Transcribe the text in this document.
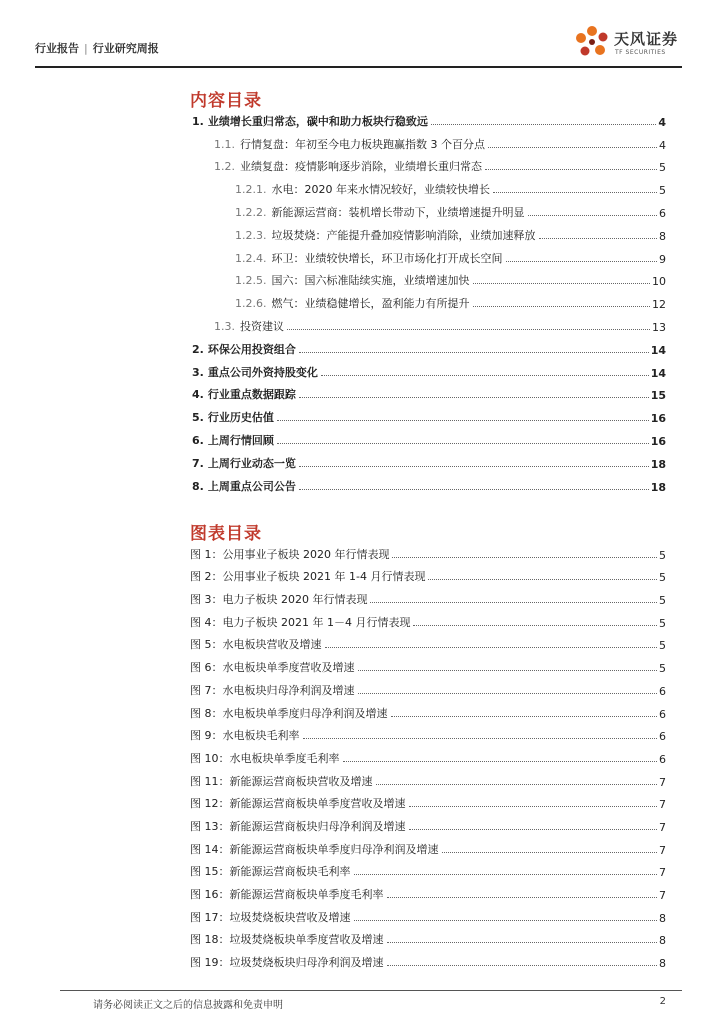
行业报告 | 行业研究周报
天风证券
TF SECURITIES
内容目录
1. 业绩增长重归常态，碳中和助力板块行稳致远	4
1.1. 行情复盘：年初至今电力板块跑赢指数 3 个百分点	4
1.2. 业绩复盘：疫情影响逐步消除，业绩增长重归常态	5
1.2.1. 水电：2020 年来水情况较好，业绩较快增长	5
1.2.2. 新能源运营商：装机增长带动下，业绩增速提升明显	6
1.2.3. 垃圾焚烧：产能提升叠加疫情影响消除，业绩加速释放	8
1.2.4. 环卫：业绩较快增长，环卫市场化打开成长空间	9
1.2.5. 国六：国六标准陆续实施，业绩增速加快	10
1.2.6. 燃气：业绩稳健增长，盈利能力有所提升	12
1.3. 投资建议	13
2. 环保公用投资组合	14
3. 重点公司外资持股变化	14
4. 行业重点数据跟踪	15
5. 行业历史估值	16
6. 上周行情回顾	16
7. 上周行业动态一览	18
8. 上周重点公司公告	18
图表目录
图 1：公用事业子板块 2020 年行情表现	5
图 2：公用事业子板块 2021 年 1-4 月行情表现	5
图 3：电力子板块 2020 年行情表现	5
图 4：电力子板块 2021 年 1－4 月行情表现	5
图 5：水电板块营收及增速	5
图 6：水电板块单季度营收及增速	5
图 7：水电板块归母净利润及增速	6
图 8：水电板块单季度归母净利润及增速	6
图 9：水电板块毛利率	6
图 10：水电板块单季度毛利率	6
图 11：新能源运营商板块营收及增速	7
图 12：新能源运营商板块单季度营收及增速	7
图 13：新能源运营商板块归母净利润及增速	7
图 14：新能源运营商板块单季度归母净利润及增速	7
图 15：新能源运营商板块毛利率	7
图 16：新能源运营商板块单季度毛利率	7
图 17：垃圾焚烧板块营收及增速	8
图 18：垃圾焚烧板块单季度营收及增速	8
图 19：垃圾焚烧板块归母净利润及增速	8
请务必阅读正文之后的信息披露和免责申明	2
